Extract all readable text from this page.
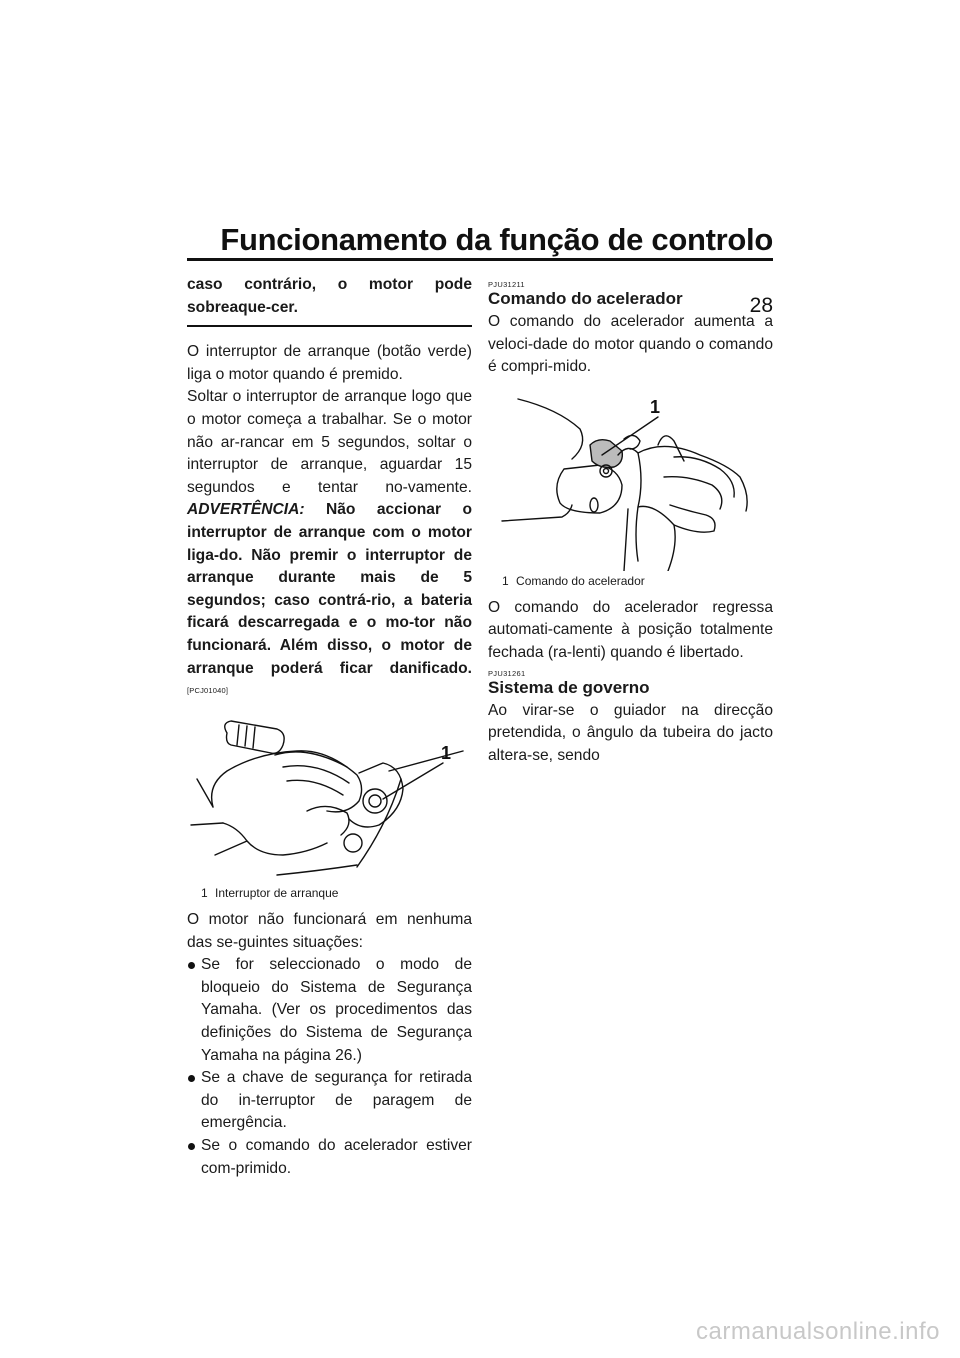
Funcionamento da função de controlo
28

caso contrário, o motor pode sobreaque-cer.

O interruptor de arranque (botão verde) liga o motor quando é premido.

Soltar o interruptor de arranque logo que o motor começa a trabalhar. Se o motor não ar-rancar em 5 segundos, soltar o interruptor de arranque, aguardar 15 segundos e tentar no-vamente. ADVERTÊNCIA: Não accionar o interruptor de arranque com o motor liga-do. Não premir o interruptor de arranque durante mais de 5 segundos; caso contrá-rio, a bateria ficará descarregada e o mo-tor não funcionará. Além disso, o motor de arranque poderá ficar danificado. [PCJ01040]

1
1 Interruptor de arranque

O motor não funcionará em nenhuma das se-guintes situações:

Se for seleccionado o modo de bloqueio do Sistema de Segurança Yamaha. (Ver os procedimentos das definições do Sistema de Segurança Yamaha na página 26.)
Se a chave de segurança for retirada do in-terruptor de paragem de emergência.
Se o comando do acelerador estiver com-primido.
PJU31211
Comando do acelerador

O comando do acelerador aumenta a veloci-dade do motor quando o comando é compri-mido.

1
1 Comando do acelerador

O comando do acelerador regressa automati-camente à posição totalmente fechada (ra-lenti) quando é libertado.

PJU31261
Sistema de governo

Ao virar-se o guiador na direcção pretendida, o ângulo da tubeira do jacto altera-se, sendo

carmanualsonline.info
